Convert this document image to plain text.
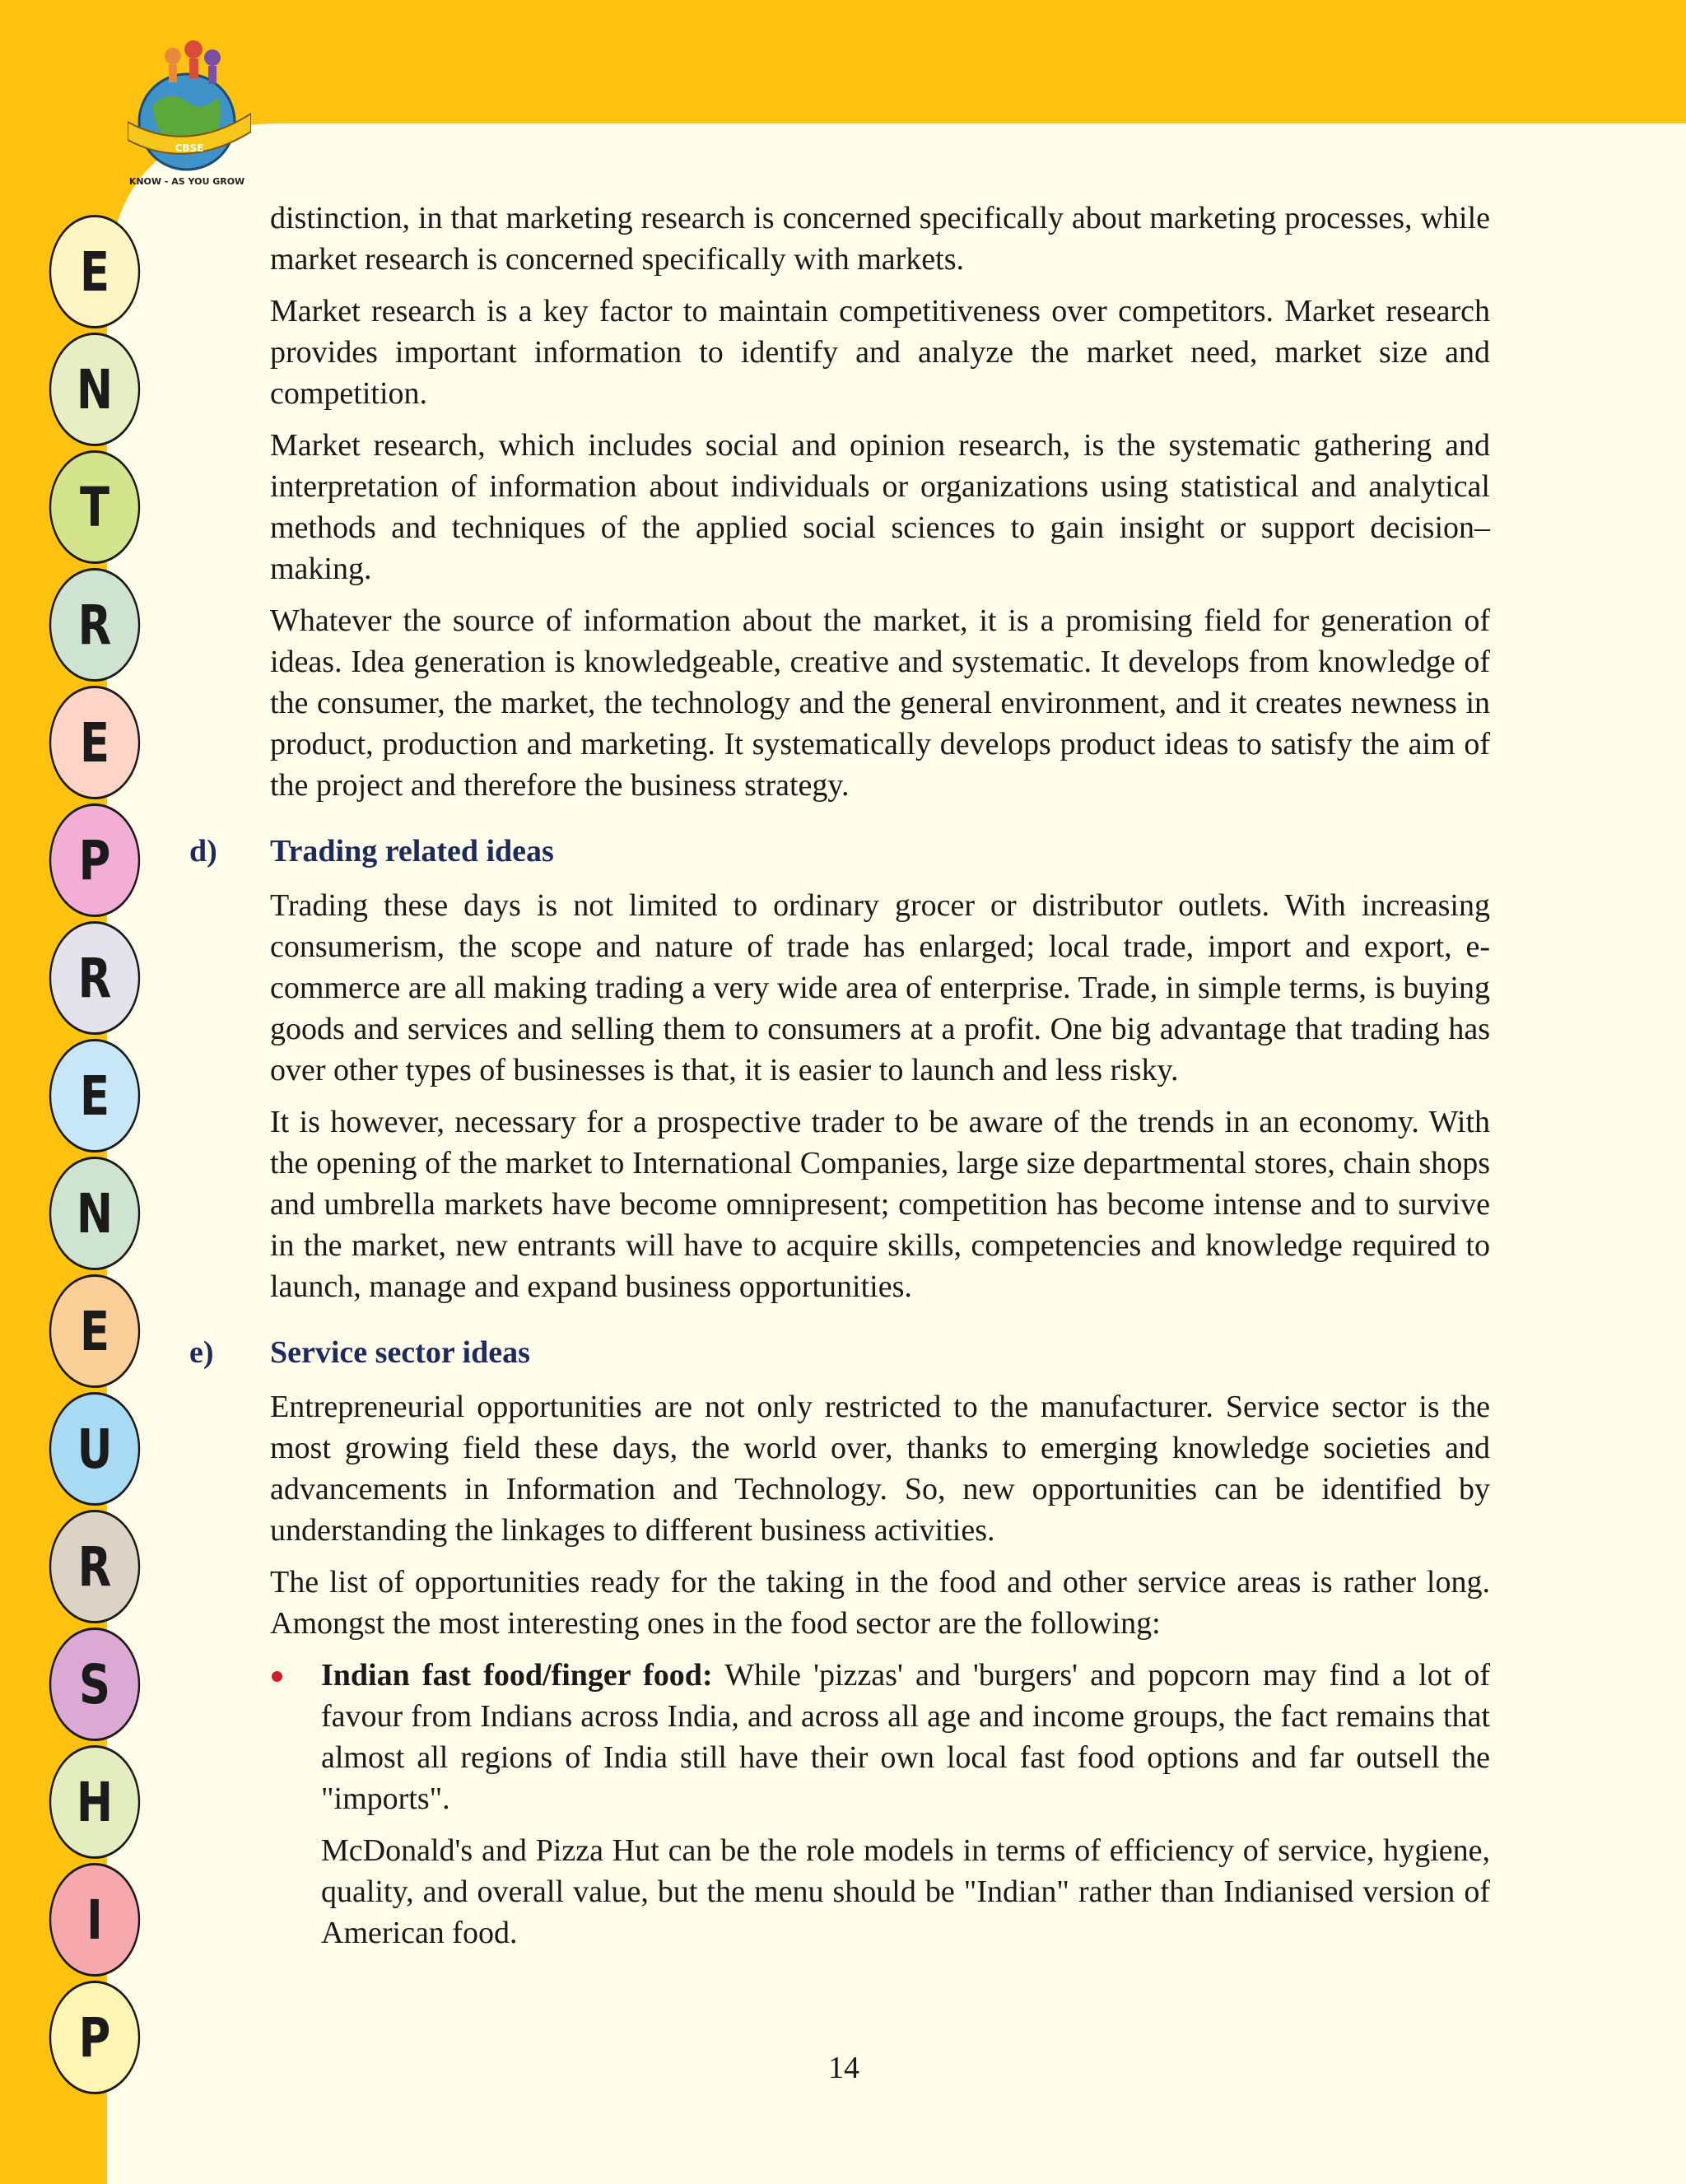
CBSE
KNOW - AS YOU GROW
E
N
T
R
E
P
R
E
N
E
U
R
S
H
I
P

distinction, in that marketing research is concerned specifically about marketing processes, while market research is concerned specifically with markets.

Market research is a key factor to maintain competitiveness over competitors. Market research provides important information to identify and analyze the market need, market size and competition.

Market research, which includes social and opinion research, is the systematic gathering and interpretation of information about individuals or organizations using statistical and analytical methods and techniques of the applied social sciences to gain insight or support decision–making.

Whatever the source of information about the market, it is a promising field for generation of ideas. Idea generation is knowledgeable, creative and systematic. It develops from knowledge of the consumer, the market, the technology and the general environment, and it creates newness in product, production and marketing. It systematically develops product ideas to satisfy the aim of the project and therefore the business strategy.

d)	Trading related ideas

Trading these days is not limited to ordinary grocer or distributor outlets. With increasing consumerism, the scope and nature of trade has enlarged; local trade, import and export, e-commerce are all making trading a very wide area of enterprise. Trade, in simple terms, is buying goods and services and selling them to consumers at a profit. One big advantage that trading has over other types of businesses is that, it is easier to launch and less risky.

It is however, necessary for a prospective trader to be aware of the trends in an economy. With the opening of the market to International Companies, large size departmental stores, chain shops and umbrella markets have become omnipresent; competition has become intense and to survive in the market, new entrants will have to acquire skills, competencies and knowledge required to launch, manage and expand business opportunities.

e)	Service sector ideas

Entrepreneurial opportunities are not only restricted to the manufacturer. Service sector is the most growing field these days, the world over, thanks to emerging knowledge societies and advancements in Information and Technology. So, new opportunities can be identified by understanding the linkages to different business activities.

The list of opportunities ready for the taking in the food and other service areas is rather long. Amongst the most interesting ones in the food sector are the following:

Indian fast food/finger food: While 'pizzas' and 'burgers' and popcorn may find a lot of favour from Indians across India, and across all age and income groups, the fact remains that almost all regions of India still have their own local fast food options and far outsell the "imports".

McDonald's and Pizza Hut can be the role models in terms of efficiency of service, hygiene, quality, and overall value, but the menu should be "Indian" rather than Indianised version of American food.

14
